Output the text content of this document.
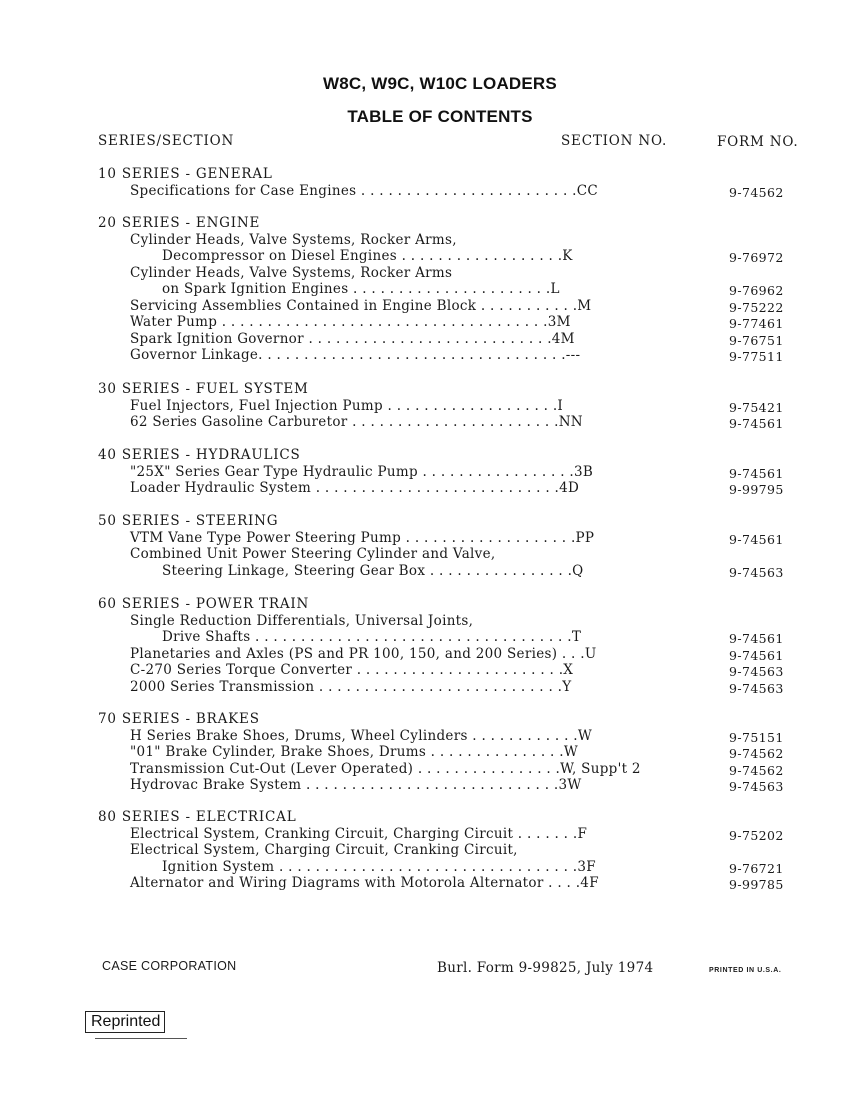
W8C, W9C, W10C LOADERS
TABLE OF CONTENTS
SERIES/SECTION	SECTION NO.	FORM NO.
10 SERIES - GENERAL
Specifications for Case Engines . . . . . . . . . . . . . . . . . . . . . . . .CC	9-74562
20 SERIES - ENGINE
Cylinder Heads, Valve Systems, Rocker Arms,
Decompressor on Diesel Engines . . . . . . . . . . . . . . . . . .K	9-76972
Cylinder Heads, Valve Systems, Rocker Arms
on Spark Ignition Engines . . . . . . . . . . . . . . . . . . . . . .L	9-76962
Servicing Assemblies Contained in Engine Block . . . . . . . . . . .M	9-75222
Water Pump . . . . . . . . . . . . . . . . . . . . . . . . . . . . . . . . . . . .3M	9-77461
Spark Ignition Governor . . . . . . . . . . . . . . . . . . . . . . . . . . .4M	9-76751
Governor Linkage. . . . . . . . . . . . . . . . . . . . . . . . . . . . . . . . . .---	9-77511
30 SERIES - FUEL SYSTEM
Fuel Injectors, Fuel Injection Pump . . . . . . . . . . . . . . . . . . .I	9-75421
62 Series Gasoline Carburetor . . . . . . . . . . . . . . . . . . . . . . .NN	9-74561
40 SERIES - HYDRAULICS
"25X" Series Gear Type Hydraulic Pump . . . . . . . . . . . . . . . . .3B	9-74561
Loader Hydraulic System . . . . . . . . . . . . . . . . . . . . . . . . . . .4D	9-99795
50 SERIES - STEERING
VTM Vane Type Power Steering Pump . . . . . . . . . . . . . . . . . . .PP	9-74561
Combined Unit Power Steering Cylinder and Valve,
Steering Linkage, Steering Gear Box . . . . . . . . . . . . . . . .Q	9-74563
60 SERIES - POWER TRAIN
Single Reduction Differentials, Universal Joints,
Drive Shafts . . . . . . . . . . . . . . . . . . . . . . . . . . . . . . . . . . .T	9-74561
Planetaries and Axles (PS and PR 100, 150, and 200 Series) . . .U	9-74561
C-270 Series Torque Converter . . . . . . . . . . . . . . . . . . . . . . .X	9-74563
2000 Series Transmission . . . . . . . . . . . . . . . . . . . . . . . . . . .Y	9-74563
70 SERIES - BRAKES
H Series Brake Shoes, Drums, Wheel Cylinders . . . . . . . . . . . .W	9-75151
"01" Brake Cylinder, Brake Shoes, Drums . . . . . . . . . . . . . . .W	9-74562
Transmission Cut-Out (Lever Operated) . . . . . . . . . . . . . . . .W, Supp't 2	9-74562
Hydrovac Brake System . . . . . . . . . . . . . . . . . . . . . . . . . . . .3W	9-74563
80 SERIES - ELECTRICAL
Electrical System, Cranking Circuit, Charging Circuit . . . . . . .F	9-75202
Electrical System, Charging Circuit, Cranking Circuit,
Ignition System . . . . . . . . . . . . . . . . . . . . . . . . . . . . . . . . .3F	9-76721
Alternator and Wiring Diagrams with Motorola Alternator . . . .4F	9-99785
CASE CORPORATION	Burl. Form 9-99825, July 1974	PRINTED IN U.S.A.
Reprinted
